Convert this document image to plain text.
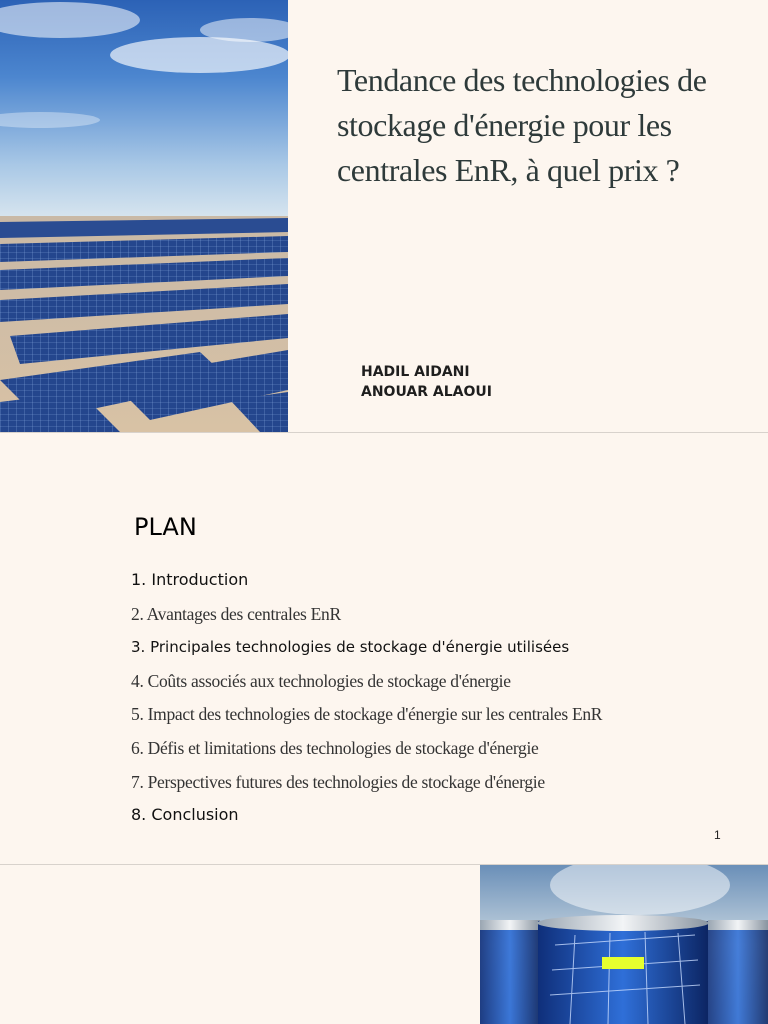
Tendance des technologies de stockage d'énergie pour les centrales EnR, à quel prix ?
HADIL AIDANI
ANOUAR ALAOUI
PLAN
1. Introduction
2. Avantages des centrales EnR
3. Principales technologies de stockage d'énergie utilisées
4. Coûts associés aux technologies de stockage d'énergie
5. Impact des technologies de stockage d'énergie sur les centrales EnR
6. Défis et limitations des technologies de stockage d'énergie
7. Perspectives futures des technologies de stockage d'énergie
8. Conclusion
1
